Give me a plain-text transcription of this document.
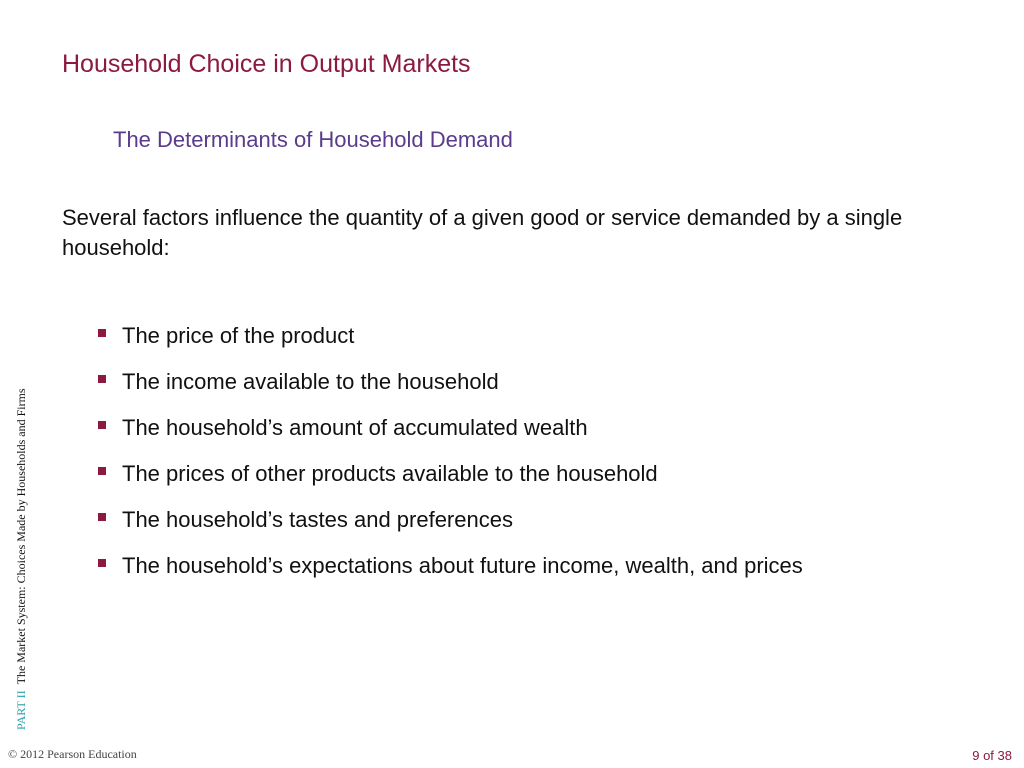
Household Choice in Output Markets
The Determinants of Household Demand

Several factors influence the quantity of a given good or service demanded by a single household:

The price of the product
The income available to the household
The household’s amount of accumulated wealth
The prices of other products available to the household
The household’s tastes and preferences
The household’s expectations about future income, wealth, and prices
PART IIThe Market System: Choices Made by Households and Firms
© 2012 Pearson Education	9 of 38
